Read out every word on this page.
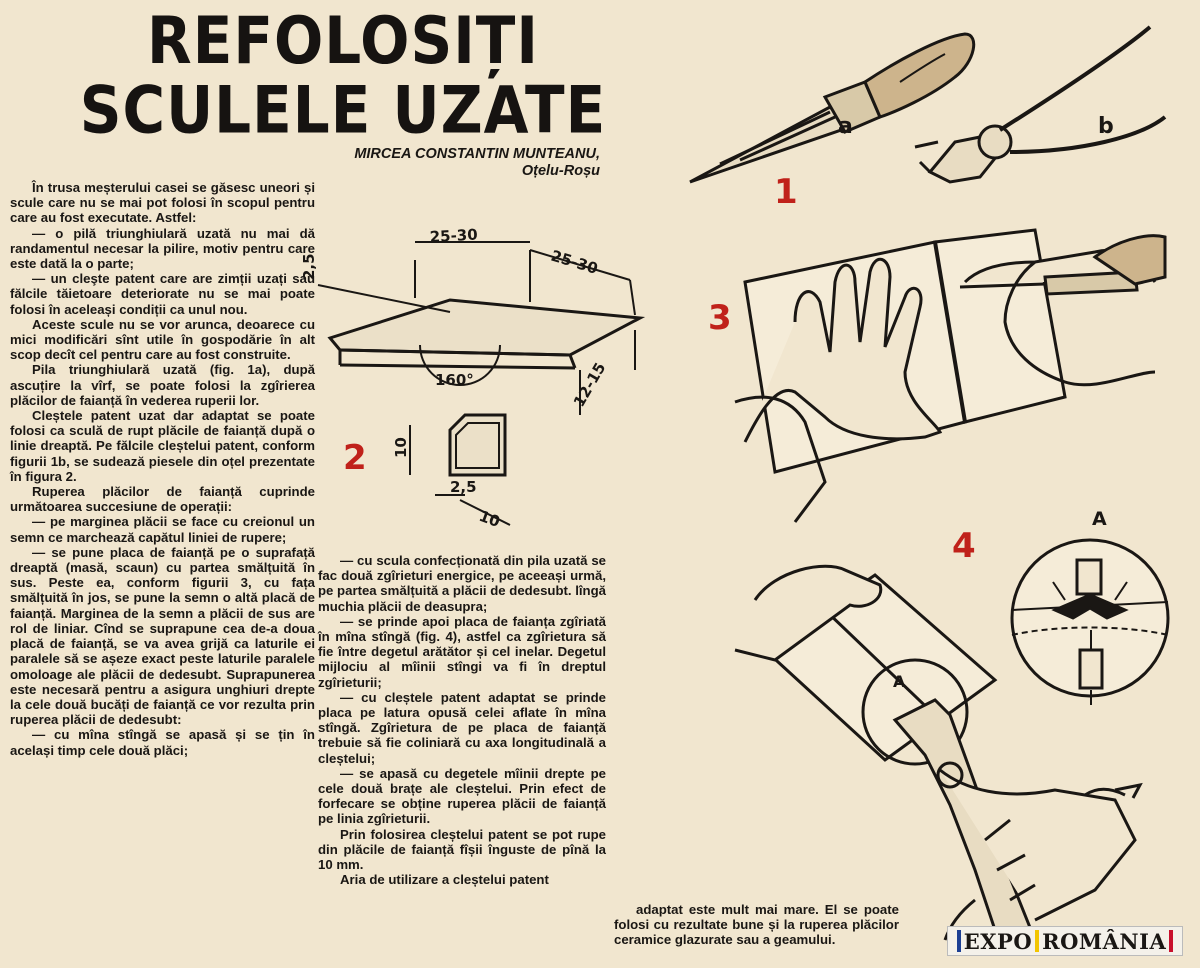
REFOLOSIȚI
SCULELE UZATE
MIRCEA CONSTANTIN MUNTEANU,
Oțelu-Roșu

În trusa meșterului casei se găsesc uneori și scule care nu se mai pot folosi în scopul pentru care au fost executate. Astfel:

— o pilă triunghiulară uzată nu mai dă randamentul necesar la pilire, motiv pentru care este dată la o parte;

— un cleşte patent care are zimții uzați sau fălcile tăietoare deteriorate nu se mai poate folosi în aceleași condiții ca unul nou.

Aceste scule nu se vor arunca, deoarece cu mici modificări sînt utile în gospodărie în alt scop decît cel pentru care au fost construite.

Pila triunghiulară uzată (fig. 1a), după ascuțire la vîrf, se poate folosi la zgîrierea plăcilor de faianță în vederea ruperii lor.

Cleștele patent uzat dar adaptat se poate folosi ca sculă de rupt plăcile de faianță după o linie dreaptă. Pe fălcile cleștelui patent, conform figurii 1b, se sudează piesele din oțel prezentate în figura 2.

Ruperea plăcilor de faianță cuprinde următoarea succesiune de operații:

— pe marginea plăcii se face cu creionul un semn ce marchează capătul liniei de rupere;

— se pune placa de faianță pe o suprafață dreaptă (masă, scaun) cu partea smălțuită în sus. Peste ea, conform figurii 3, cu fața smălțuită în jos, se pune la semn o altă placă de faianță. Marginea de la semn a plăcii de sus are rol de liniar. Cînd se suprapune cea de-a doua placă de faianță, se va avea grijă ca laturile ei paralele să se așeze exact peste laturile paralele omoloage ale plăcii de dedesubt. Suprapunerea este necesară pentru a asigura unghiuri drepte la cele două bucăți de faianță ce vor rezulta prin ruperea plăcii de dedesubt:

— cu mîna stîngă se apasă și se țin în același timp cele două plăci;

— cu scula confecționată din pila uzată se fac două zgîrieturi energice, pe aceeași urmă, pe partea smălțuită a plăcii de dedesubt. lîngă muchia plăcii de deasupra;

— se prinde apoi placa de faianța zgîriată în mîna stîngă (fig. 4), astfel ca zgîrietura să fie între degetul arătător și cel inelar. Degetul mijlociu al mîinii stîngi va fi în dreptul zgîrieturii;

— cu cleștele patent adaptat se prinde placa pe latura opusă celei aflate în mîna stîngă. Zgîrietura de pe placa de faianță trebuie să fie coliniară cu axa longitudinală a cleștelui;

— se apasă cu degetele mîinii drepte pe cele două brațe ale cleștelui. Prin efect de forfecare se obține ruperea plăcii de faianță pe linia zgîrieturii.

Prin folosirea cleștelui patent se pot rupe din plăcile de faianță fîșii înguste de pînă la 10 mm.

Aria de utilizare a cleștelui patent

adaptat este mult mai mare. El se poate folosi cu rezultate bune și la ruperea plăcilor ceramice glazurate sau a geamului.

a	b
1
25-30
25-30
2,5
12-15
160°
10
2,5
10
2
3
4
A
A
EXPO ROMÂNIA
